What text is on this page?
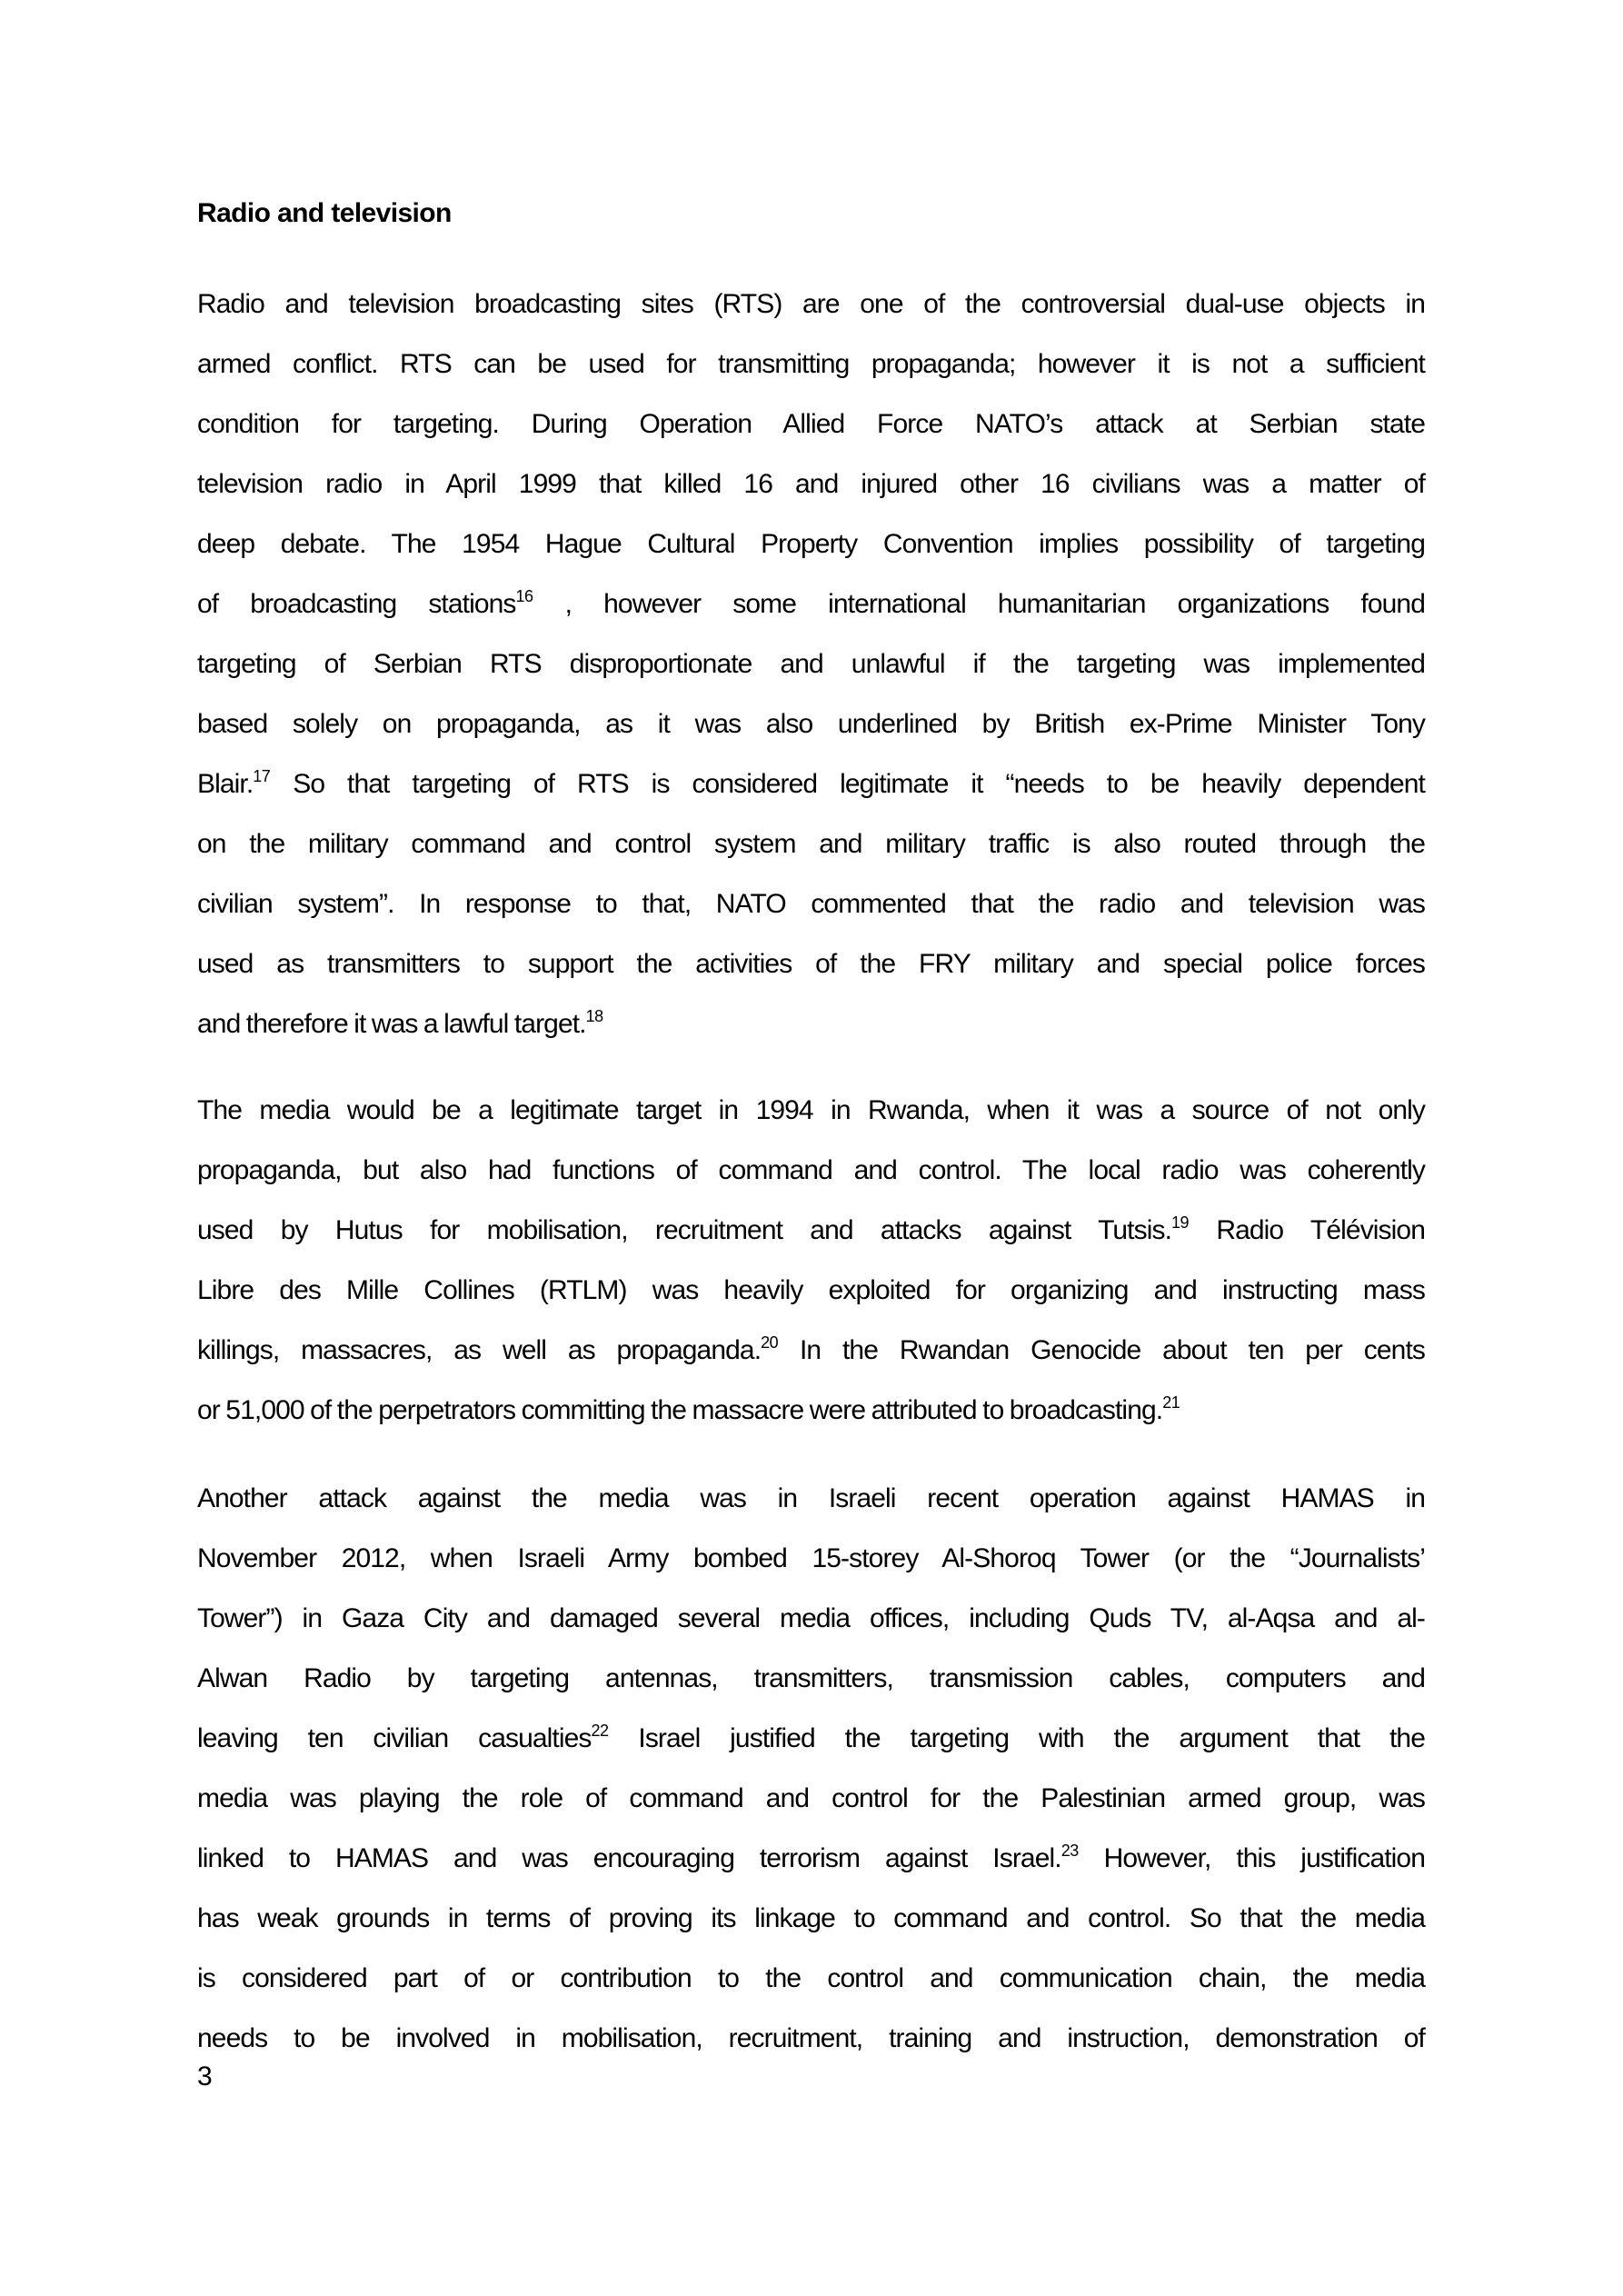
Radio and television
Radio and television broadcasting sites (RTS) are one of the controversial dual-use objects in
armed conflict. RTS can be used for transmitting propaganda; however it is not a sufficient
condition for targeting. During Operation Allied Force NATO’s attack at Serbian state
television radio in April 1999 that killed 16 and injured other 16 civilians was a matter of
deep debate. The 1954 Hague Cultural Property Convention implies possibility of targeting
of broadcasting stations$^{16}$ , however some international humanitarian organizations found
targeting of Serbian RTS disproportionate and unlawful if the targeting was implemented
based solely on propaganda, as it was also underlined by British ex-Prime Minister Tony
Blair.$^{17}$ So that targeting of RTS is considered legitimate it “needs to be heavily dependent
on the military command and control system and military traffic is also routed through the
civilian system”. In response to that, NATO commented that the radio and television was
used as transmitters to support the activities of the FRY military and special police forces
and therefore it was a lawful target.$^{18}$
The media would be a legitimate target in 1994 in Rwanda, when it was a source of not only
propaganda, but also had functions of command and control. The local radio was coherently
used by Hutus for mobilisation, recruitment and attacks against Tutsis.$^{19}$ Radio Télévision
Libre des Mille Collines (RTLM) was heavily exploited for organizing and instructing mass
killings, massacres, as well as propaganda.$^{20}$ In the Rwandan Genocide about ten per cents
or 51,000 of the perpetrators committing the massacre were attributed to broadcasting.$^{21}$
Another attack against the media was in Israeli recent operation against HAMAS in
November 2012, when Israeli Army bombed 15-storey Al-Shoroq Tower (or the “Journalists’
Tower”) in Gaza City and damaged several media offices, including Quds TV, al-Aqsa and al-
Alwan Radio by targeting antennas, transmitters, transmission cables, computers and
leaving ten civilian casualties$^{22}$ Israel justified the targeting with the argument that the
media was playing the role of command and control for the Palestinian armed group, was
linked to HAMAS and was encouraging terrorism against Israel.$^{23}$ However, this justification
has weak grounds in terms of proving its linkage to command and control. So that the media
is considered part of or contribution to the control and communication chain, the media
needs to be involved in mobilisation, recruitment, training and instruction, demonstration of
3
